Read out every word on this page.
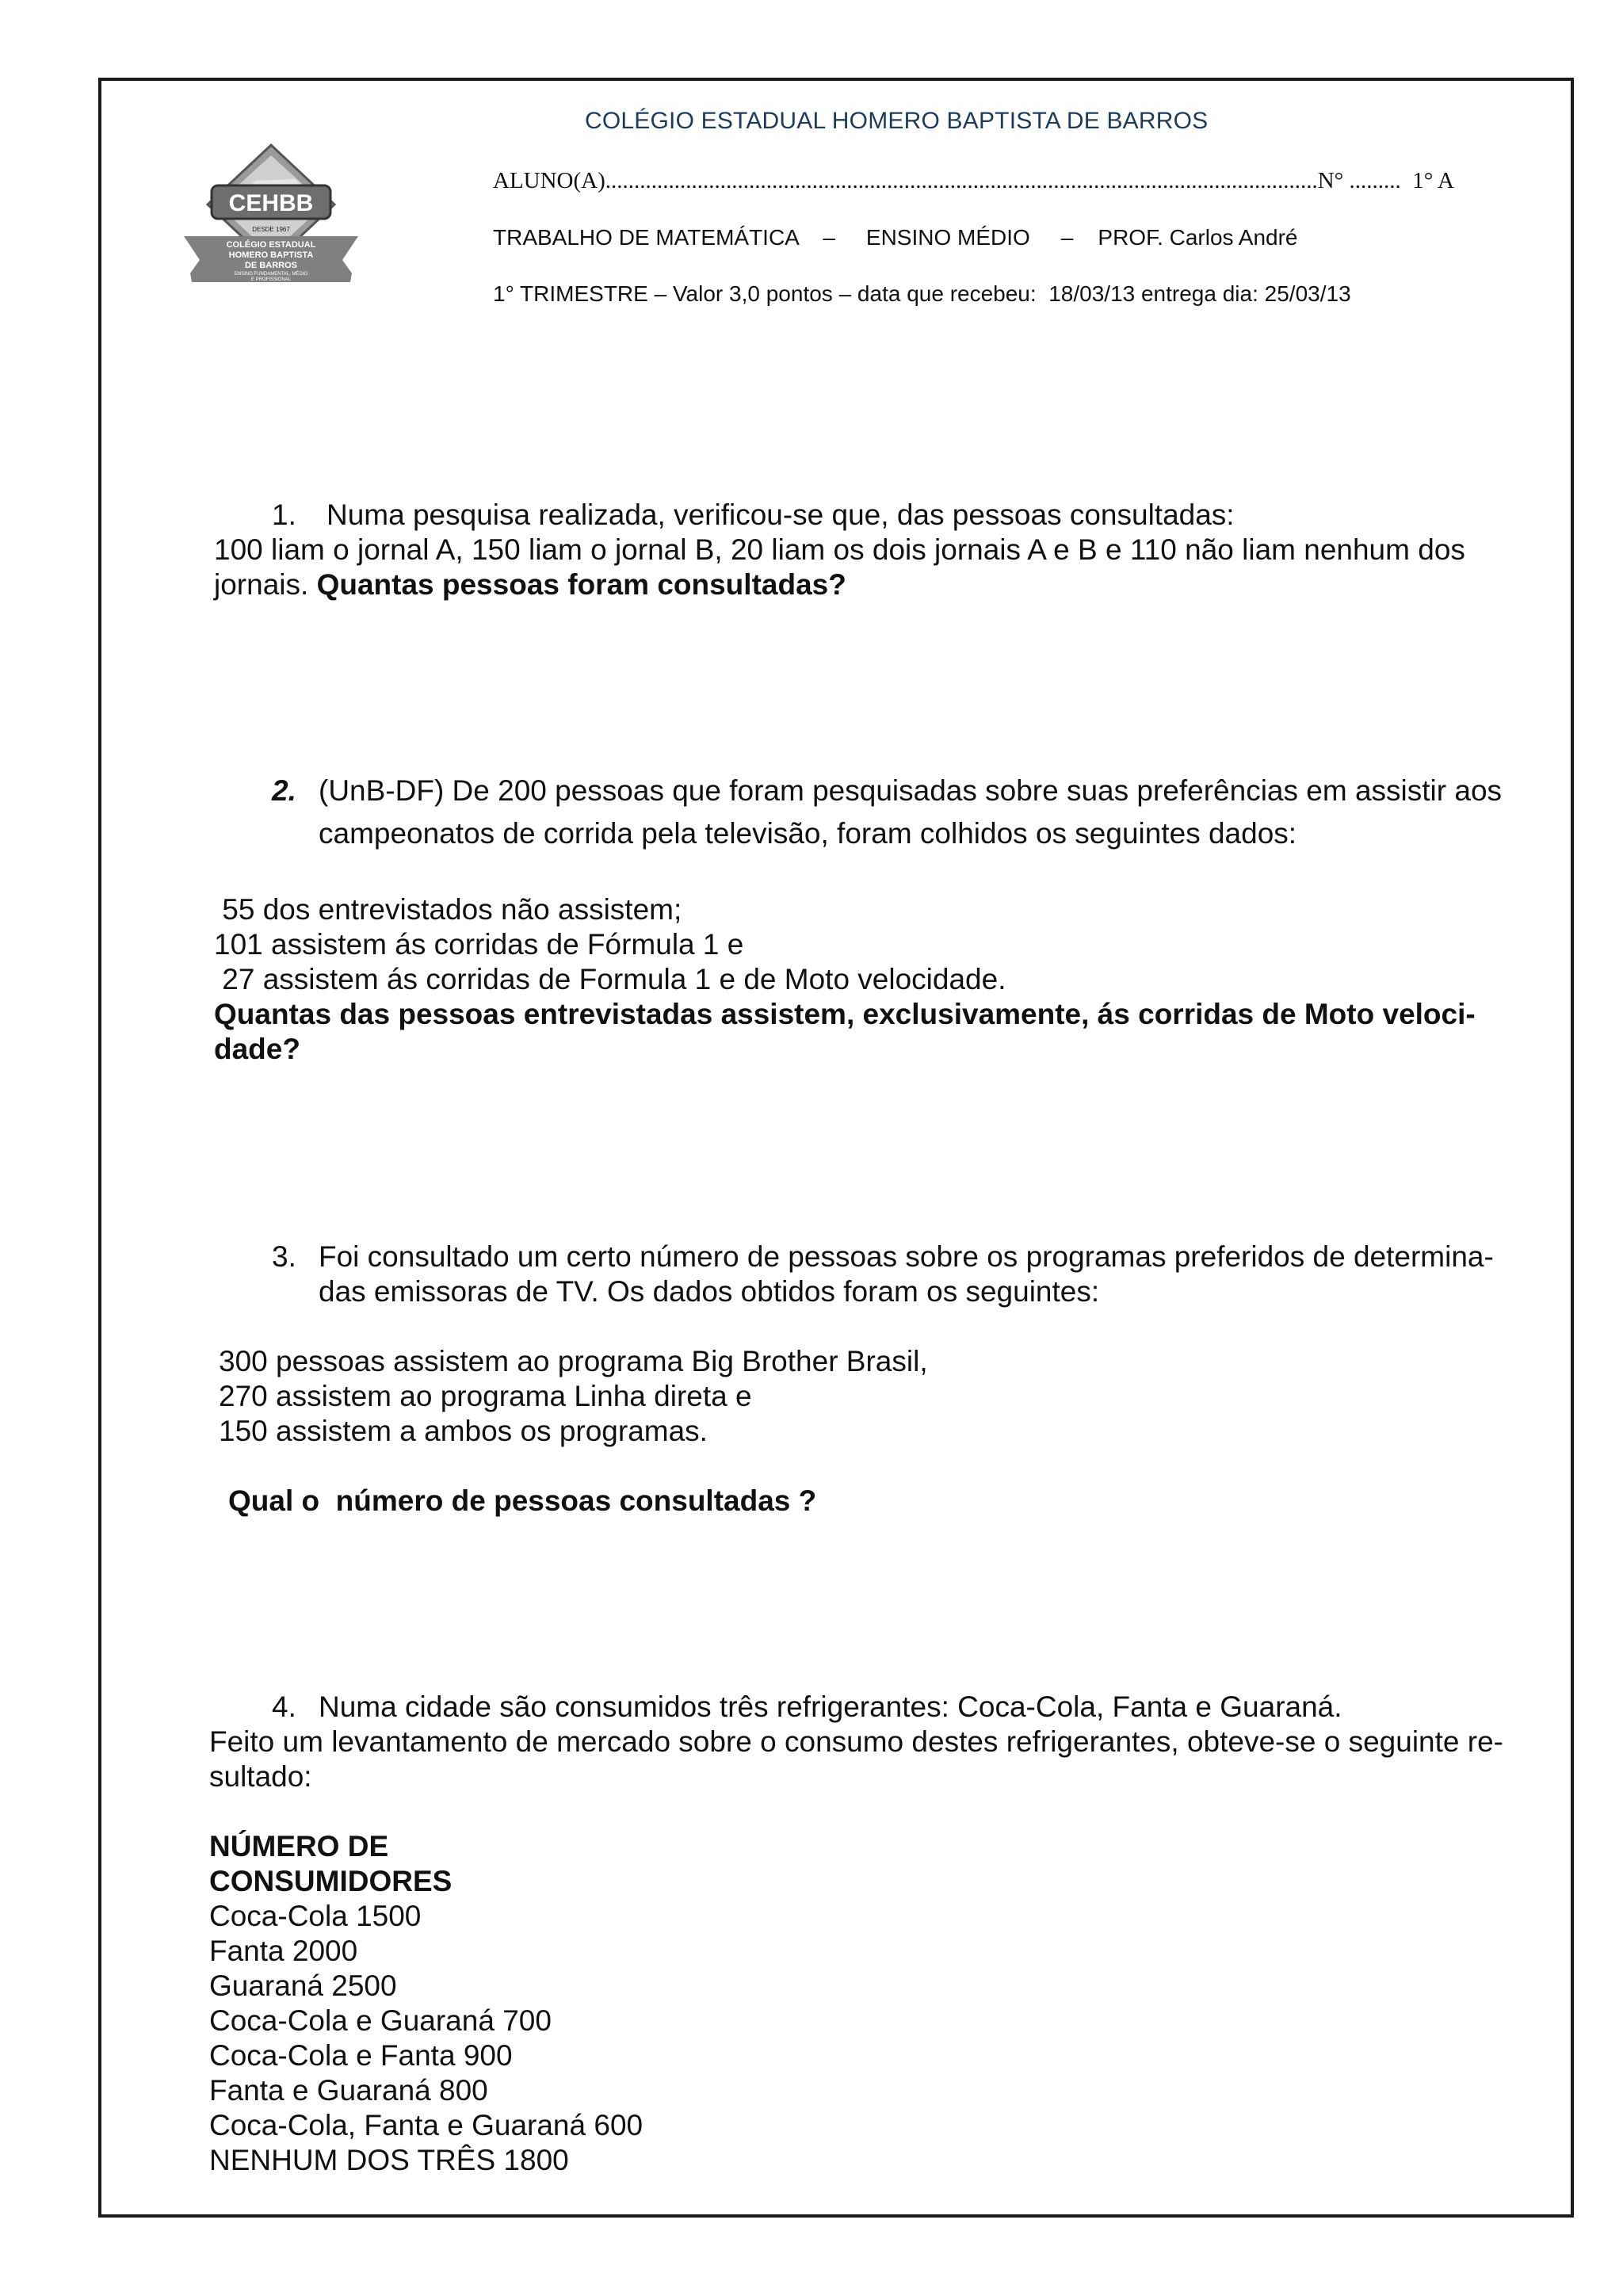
COLÉGIO ESTADUAL HOMERO BAPTISTA DE BARROS
CEHBB
DESDE 1967
COLÉGIO ESTADUAL
HOMERO BAPTISTA
DE BARROS
ENSINO FUNDAMENTAL, MÉDIO
E PROFISSIONAL
ALUNO(A)............................................................................................................................N° .........  1° A
TRABALHO DE MATEMÁTICA    –     ENSINO MÉDIO     –    PROF. Carlos André
1° TRIMESTRE – Valor 3,0 pontos – data que recebeu:  18/03/13 entrega dia: 25/03/13
1. Numa pesquisa realizada, verificou-se que, das pessoas consultadas:
100 liam o jornal A, 150 liam o jornal B, 20 liam os dois jornais A e B e 110 não liam nenhum dos
jornais. Quantas pessoas foram consultadas?
2. (UnB-DF) De 200 pessoas que foram pesquisadas sobre suas preferências em assistir aos
campeonatos de corrida pela televisão, foram colhidos os seguintes dados:
55 dos entrevistados não assistem;
101 assistem ás corridas de Fórmula 1 e
27 assistem ás corridas de Formula 1 e de Moto velocidade.
Quantas das pessoas entrevistadas assistem, exclusivamente, ás corridas de Moto veloci-
dade?
3. Foi consultado um certo número de pessoas sobre os programas preferidos de determina-
das emissoras de TV. Os dados obtidos foram os seguintes:
300 pessoas assistem ao programa Big Brother Brasil,
270 assistem ao programa Linha direta e
150 assistem a ambos os programas.
Qual o  número de pessoas consultadas ?
4. Numa cidade são consumidos três refrigerantes: Coca-Cola, Fanta e Guaraná.
Feito um levantamento de mercado sobre o consumo destes refrigerantes, obteve-se o seguinte re-
sultado:
NÚMERO DE
CONSUMIDORES
Coca-Cola 1500
Fanta 2000
Guaraná 2500
Coca-Cola e Guaraná 700
Coca-Cola e Fanta 900
Fanta e Guaraná 800
Coca-Cola, Fanta e Guaraná 600
NENHUM DOS TRÊS 1800
